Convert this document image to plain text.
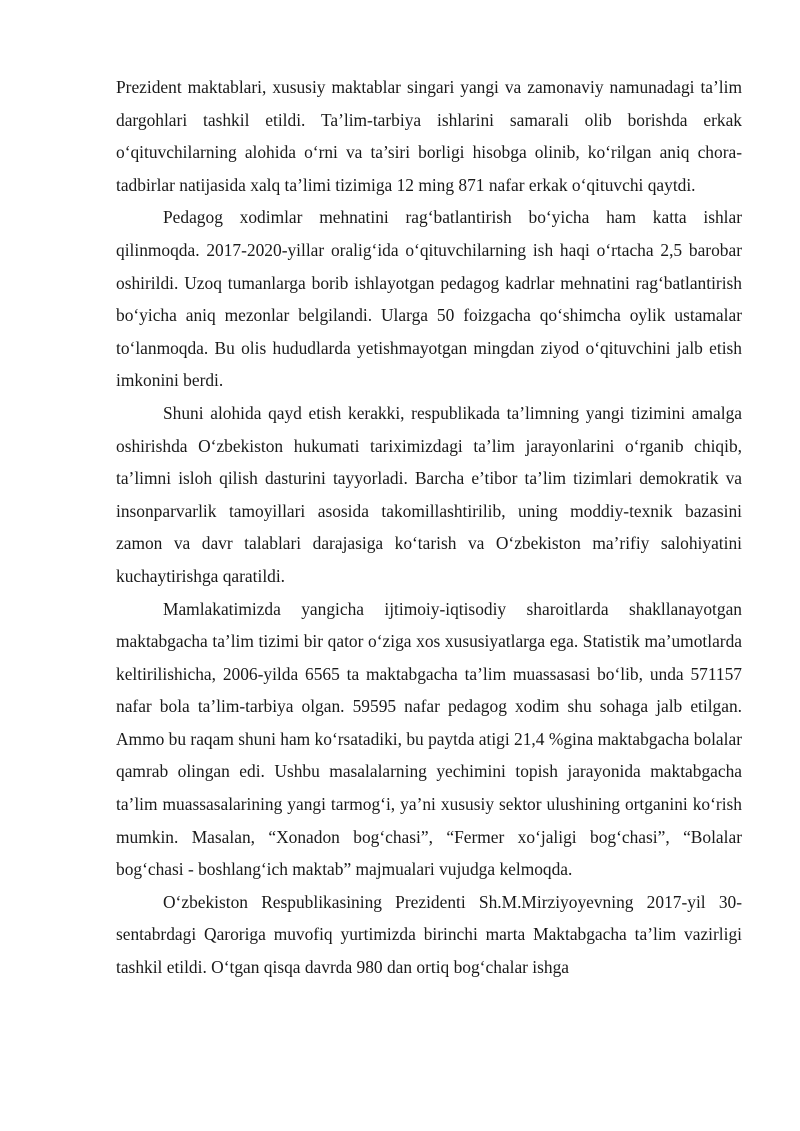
Prezident maktablari, xususiy maktablar singari yangi va zamonaviy namunadagi ta’lim dargohlari tashkil etildi. Ta’lim-tarbiya ishlarini samarali olib borishda erkak o‘qituvchilarning alohida o‘rni va ta’siri borligi hisobga olinib, ko‘rilgan aniq chora-tadbirlar natijasida xalq ta’limi tizimiga 12 ming 871 nafar erkak o‘qituvchi qaytdi.

Pedagog xodimlar mehnatini rag‘batlantirish bo‘yicha ham katta ishlar qilinmoqda. 2017-2020-yillar oralig‘ida o‘qituvchilarning ish haqi o‘rtacha 2,5 barobar oshirildi. Uzoq tumanlarga borib ishlayotgan pedagog kadrlar mehnatini rag‘batlantirish bo‘yicha aniq mezonlar belgilandi. Ularga 50 foizgacha qo‘shimcha oylik ustamalar to‘lanmoqda. Bu olis hududlarda yetishmayotgan mingdan ziyod o‘qituvchini jalb etish imkonini berdi.

Shuni alohida qayd etish kerakki, respublikada ta’limning yangi tizimini amalga oshirishda O‘zbekiston hukumati tariximizdagi ta’lim jarayonlarini o‘rganib chiqib, ta’limni isloh qilish dasturini tayyorladi. Barcha e’tibor ta’lim tizimlari demokratik va insonparvarlik tamoyillari asosida takomillashtirilib, uning moddiy-texnik bazasini zamon va davr talablari darajasiga ko‘tarish va O‘zbekiston ma’rifiy salohiyatini kuchaytirishga qaratildi.

Mamlakatimizda yangicha ijtimoiy-iqtisodiy sharoitlarda shakllanayotgan maktabgacha ta’lim tizimi bir qator o‘ziga xos xususiyatlarga ega. Statistik ma’umotlarda keltirilishicha, 2006-yilda 6565 ta maktabgacha ta’lim muassasasi bo‘lib, unda 571157 nafar bola ta’lim-tarbiya olgan. 59595 nafar pedagog xodim shu sohaga jalb etilgan. Ammo bu raqam shuni ham ko‘rsatadiki, bu paytda atigi 21,4 %gina maktabgacha bolalar qamrab olingan edi. Ushbu masalalarning yechimini topish jarayonida maktabgacha ta’lim muassasalarining yangi tarmog‘i, ya’ni xususiy sektor ulushining ortganini ko‘rish mumkin. Masalan, “Xonadon bog‘chasi”, “Fermer xo‘jaligi bog‘chasi”, “Bolalar bog‘chasi - boshlang‘ich maktab” majmualari vujudga kelmoqda.

O‘zbekiston Respublikasining Prezidenti Sh.M.Mirziyoyevning 2017-yil 30-sentabrdagi Qaroriga muvofiq yurtimizda birinchi marta Maktabgacha ta’lim vazirligi tashkil etildi. O‘tgan qisqa davrda 980 dan ortiq bog‘chalar ishga
